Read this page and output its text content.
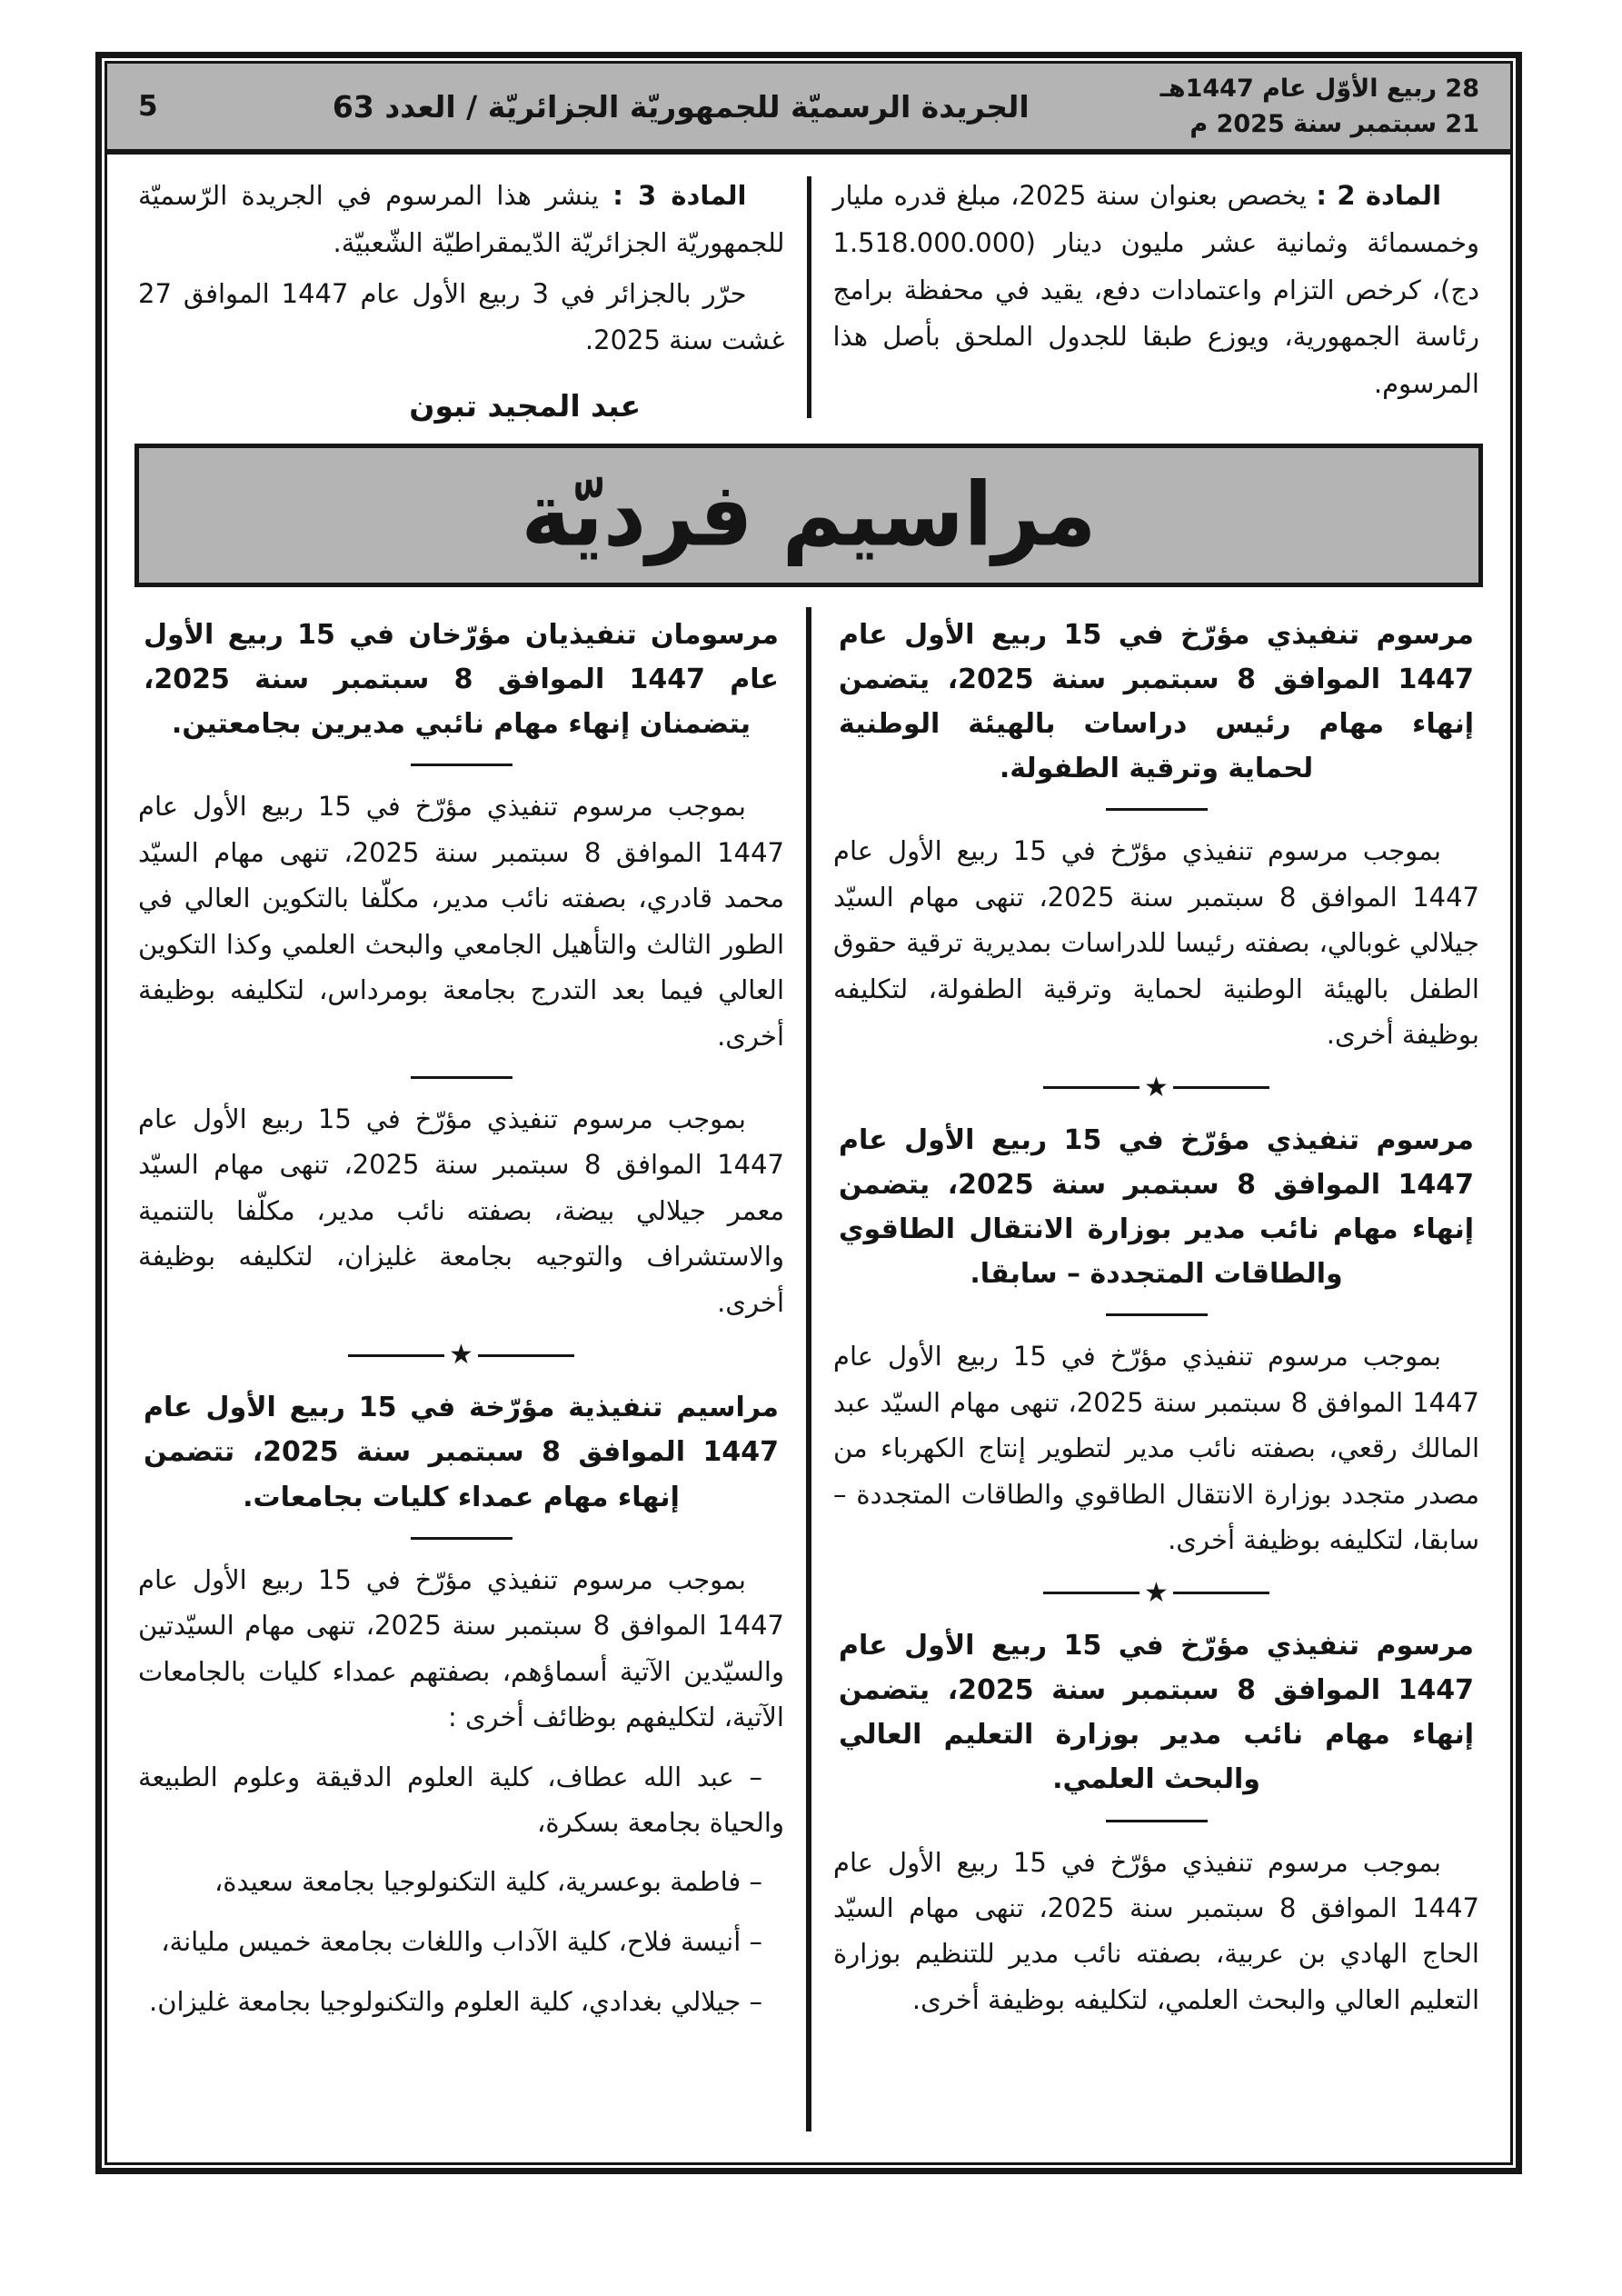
28 ربيع الأوّل عام 1447هـ
21 سبتمبر سنة 2025 م
الجريدة الرسميّة للجمهوريّة الجزائريّة / العدد 63
5

المادة 2 : يخصص بعنوان سنة 2025، مبلغ قدره مليار وخمسمائة وثمانية عشر مليون دينار (1.518.000.000 دج)، كرخص التزام واعتمادات دفع، يقيد في محفظة برامج رئاسة الجمهورية، ويوزع طبقا للجدول الملحق بأصل هذا المرسوم.

المادة 3 : ينشر هذا المرسوم في الجريدة الرّسميّة للجمهوريّة الجزائريّة الدّيمقراطيّة الشّعبيّة.

حرّر بالجزائر في 3 ربيع الأول عام 1447 الموافق 27 غشت سنة 2025.

عبد المجيد تبون
مراسيم فرديّة

مرسوم تنفيذي مؤرّخ في 15 ربيع الأول عام 1447 الموافق 8 سبتمبر سنة 2025، يتضمن إنهاء مهام رئيس دراسات بالهيئة الوطنية لحماية وترقية الطفولة.

بموجب مرسوم تنفيذي مؤرّخ في 15 ربيع الأول عام 1447 الموافق 8 سبتمبر سنة 2025، تنهى مهام السيّد جيلالي غوبالي، بصفته رئيسا للدراسات بمديرية ترقية حقوق الطفل بالهيئة الوطنية لحماية وترقية الطفولة، لتكليفه بوظيفة أخرى.

★

مرسوم تنفيذي مؤرّخ في 15 ربيع الأول عام 1447 الموافق 8 سبتمبر سنة 2025، يتضمن إنهاء مهام نائب مدير بوزارة الانتقال الطاقوي والطاقات المتجددة – سابقا.

بموجب مرسوم تنفيذي مؤرّخ في 15 ربيع الأول عام 1447 الموافق 8 سبتمبر سنة 2025، تنهى مهام السيّد عبد المالك رقعي، بصفته نائب مدير لتطوير إنتاج الكهرباء من مصدر متجدد بوزارة الانتقال الطاقوي والطاقات المتجددة – سابقا، لتكليفه بوظيفة أخرى.

★

مرسوم تنفيذي مؤرّخ في 15 ربيع الأول عام 1447 الموافق 8 سبتمبر سنة 2025، يتضمن إنهاء مهام نائب مدير بوزارة التعليم العالي والبحث العلمي.

بموجب مرسوم تنفيذي مؤرّخ في 15 ربيع الأول عام 1447 الموافق 8 سبتمبر سنة 2025، تنهى مهام السيّد الحاج الهادي بن عربية، بصفته نائب مدير للتنظيم بوزارة التعليم العالي والبحث العلمي، لتكليفه بوظيفة أخرى.

مرسومان تنفيذيان مؤرّخان في 15 ربيع الأول عام 1447 الموافق 8 سبتمبر سنة 2025، يتضمنان إنهاء مهام نائبي مديرين بجامعتين.

بموجب مرسوم تنفيذي مؤرّخ في 15 ربيع الأول عام 1447 الموافق 8 سبتمبر سنة 2025، تنهى مهام السيّد محمد قادري، بصفته نائب مدير، مكلّفا بالتكوين العالي في الطور الثالث والتأهيل الجامعي والبحث العلمي وكذا التكوين العالي فيما بعد التدرج بجامعة بومرداس، لتكليفه بوظيفة أخرى.

بموجب مرسوم تنفيذي مؤرّخ في 15 ربيع الأول عام 1447 الموافق 8 سبتمبر سنة 2025، تنهى مهام السيّد معمر جيلالي بيضة، بصفته نائب مدير، مكلّفا بالتنمية والاستشراف والتوجيه بجامعة غليزان، لتكليفه بوظيفة أخرى.

★

مراسيم تنفيذية مؤرّخة في 15 ربيع الأول عام 1447 الموافق 8 سبتمبر سنة 2025، تتضمن إنهاء مهام عمداء كليات بجامعات.

بموجب مرسوم تنفيذي مؤرّخ في 15 ربيع الأول عام 1447 الموافق 8 سبتمبر سنة 2025، تنهى مهام السيّدتين والسيّدين الآتية أسماؤهم، بصفتهم عمداء كليات بالجامعات الآتية، لتكليفهم بوظائف أخرى :

– عبد الله عطاف، كلية العلوم الدقيقة وعلوم الطبيعة والحياة بجامعة بسكرة،

– فاطمة بوعسرية، كلية التكنولوجيا بجامعة سعيدة،

– أنيسة فلاح، كلية الآداب واللغات بجامعة خميس مليانة،

– جيلالي بغدادي، كلية العلوم والتكنولوجيا بجامعة غليزان.
